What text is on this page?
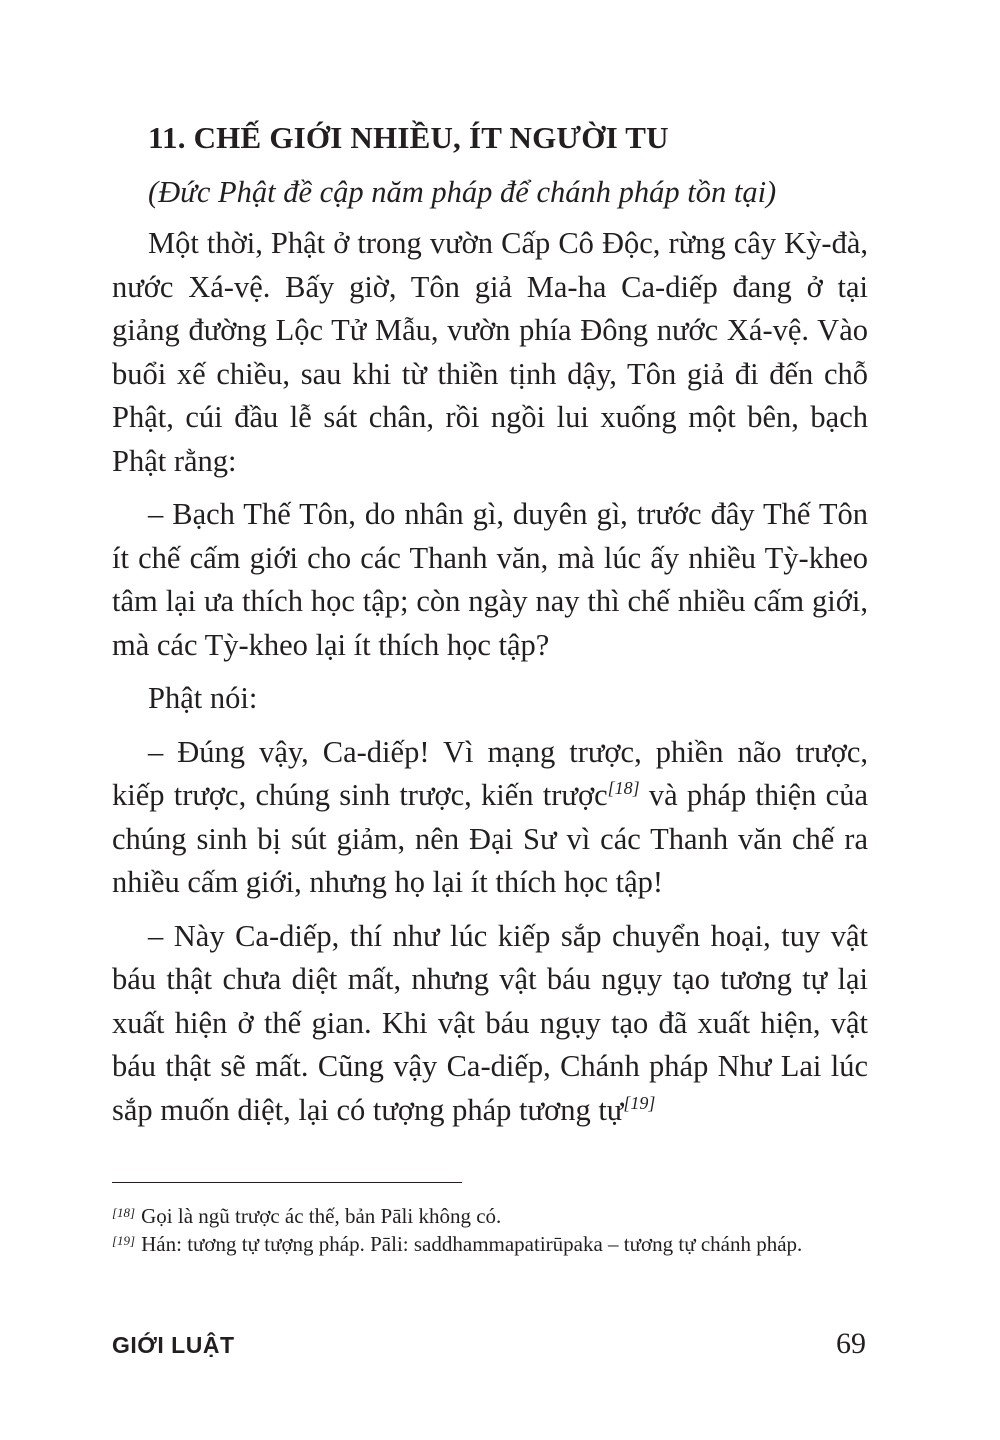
11. CHẾ GIỚI NHIỀU, ÍT NGƯỜI TU
(Đức Phật đề cập năm pháp để chánh pháp tồn tại)

Một thời, Phật ở trong vườn Cấp Cô Độc, rừng cây Kỳ-đà, nước Xá-vệ. Bấy giờ, Tôn giả Ma-ha Ca-diếp đang ở tại giảng đường Lộc Tử Mẫu, vườn phía Đông nước Xá-vệ. Vào buổi xế chiều, sau khi từ thiền tịnh dậy, Tôn giả đi đến chỗ Phật, cúi đầu lễ sát chân, rồi ngồi lui xuống một bên, bạch Phật rằng:

– Bạch Thế Tôn, do nhân gì, duyên gì, trước đây Thế Tôn ít chế cấm giới cho các Thanh văn, mà lúc ấy nhiều Tỳ-kheo tâm lại ưa thích học tập; còn ngày nay thì chế nhiều cấm giới, mà các Tỳ-kheo lại ít thích học tập?

Phật nói:

– Đúng vậy, Ca-diếp! Vì mạng trược, phiền não trược, kiếp trược, chúng sinh trược, kiến trược[18] và pháp thiện của chúng sinh bị sút giảm, nên Đại Sư vì các Thanh văn chế ra nhiều cấm giới, nhưng họ lại ít thích học tập!

– Này Ca-diếp, thí như lúc kiếp sắp chuyển hoại, tuy vật báu thật chưa diệt mất, nhưng vật báu ngụy tạo tương tự lại xuất hiện ở thế gian. Khi vật báu ngụy tạo đã xuất hiện, vật báu thật sẽ mất. Cũng vậy Ca-diếp, Chánh pháp Như Lai lúc sắp muốn diệt, lại có tượng pháp tương tự[19]

[18] Gọi là ngũ trược ác thế, bản Pāli không có.

[19] Hán: tương tự tượng pháp. Pāli: saddhammapatirūpaka – tương tự chánh pháp.

GIỚI LUẬT	69
